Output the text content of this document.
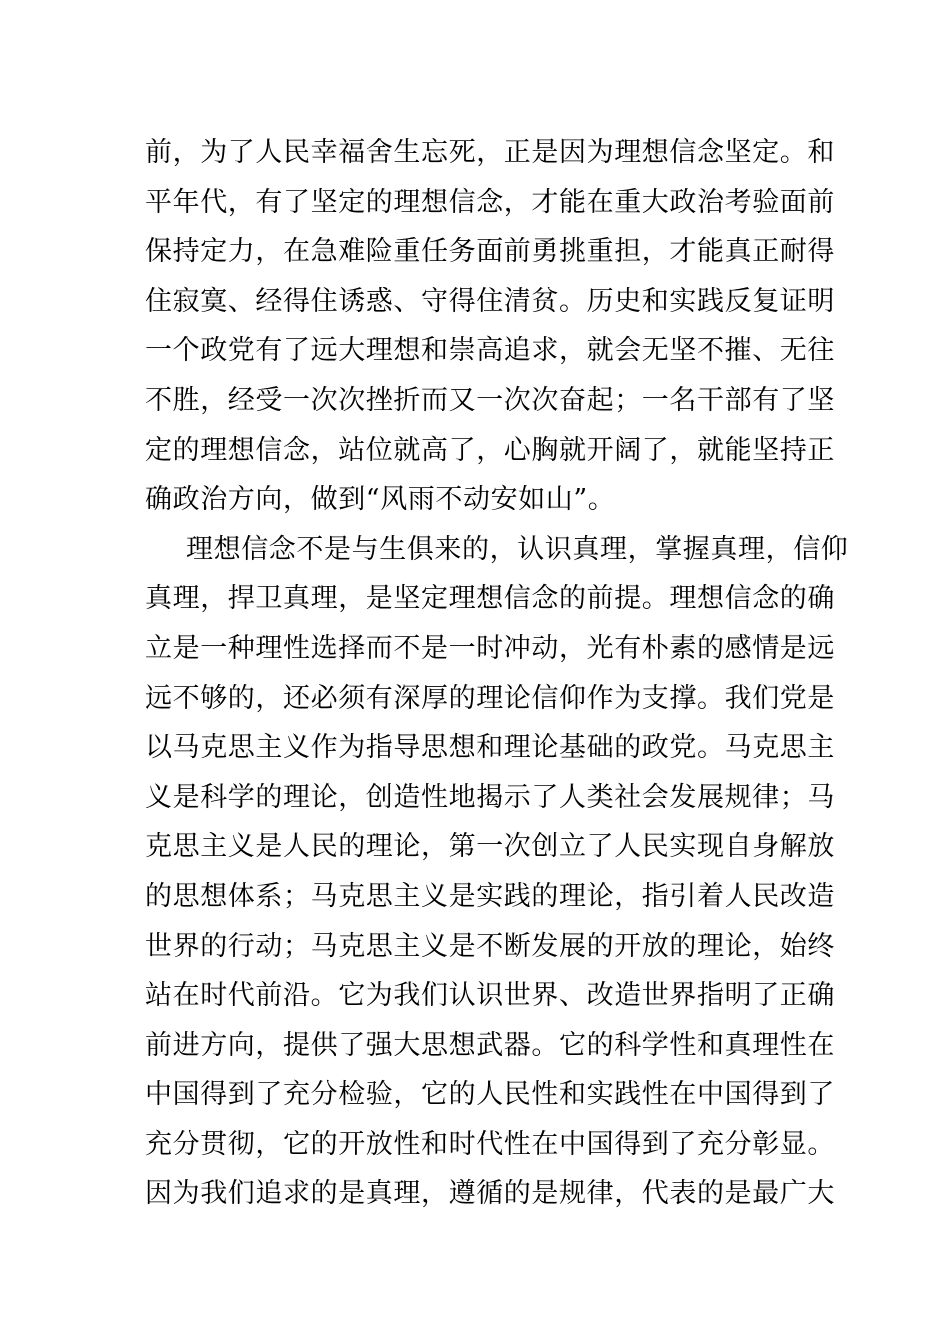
前，为了人民幸福舍生忘死，正是因为理想信念坚定。和
平年代，有了坚定的理想信念，才能在重大政治考验面前
保持定力，在急难险重任务面前勇挑重担，才能真正耐得
住寂寞、经得住诱惑、守得住清贫。历史和实践反复证明
一个政党有了远大理想和崇高追求，就会无坚不摧、无往
不胜，经受一次次挫折而又一次次奋起；一名干部有了坚
定的理想信念，站位就高了，心胸就开阔了，就能坚持正
确政治方向，做到“风雨不动安如山”。
理想信念不是与生俱来的，认识真理，掌握真理，信仰
真理，捍卫真理，是坚定理想信念的前提。理想信念的确
立是一种理性选择而不是一时冲动，光有朴素的感情是远
远不够的，还必须有深厚的理论信仰作为支撑。我们党是
以马克思主义作为指导思想和理论基础的政党。马克思主
义是科学的理论，创造性地揭示了人类社会发展规律；马
克思主义是人民的理论，第一次创立了人民实现自身解放
的思想体系；马克思主义是实践的理论，指引着人民改造
世界的行动；马克思主义是不断发展的开放的理论，始终
站在时代前沿。它为我们认识世界、改造世界指明了正确
前进方向，提供了强大思想武器。它的科学性和真理性在
中国得到了充分检验，它的人民性和实践性在中国得到了
充分贯彻，它的开放性和时代性在中国得到了充分彰显。
因为我们追求的是真理，遵循的是规律，代表的是最广大
